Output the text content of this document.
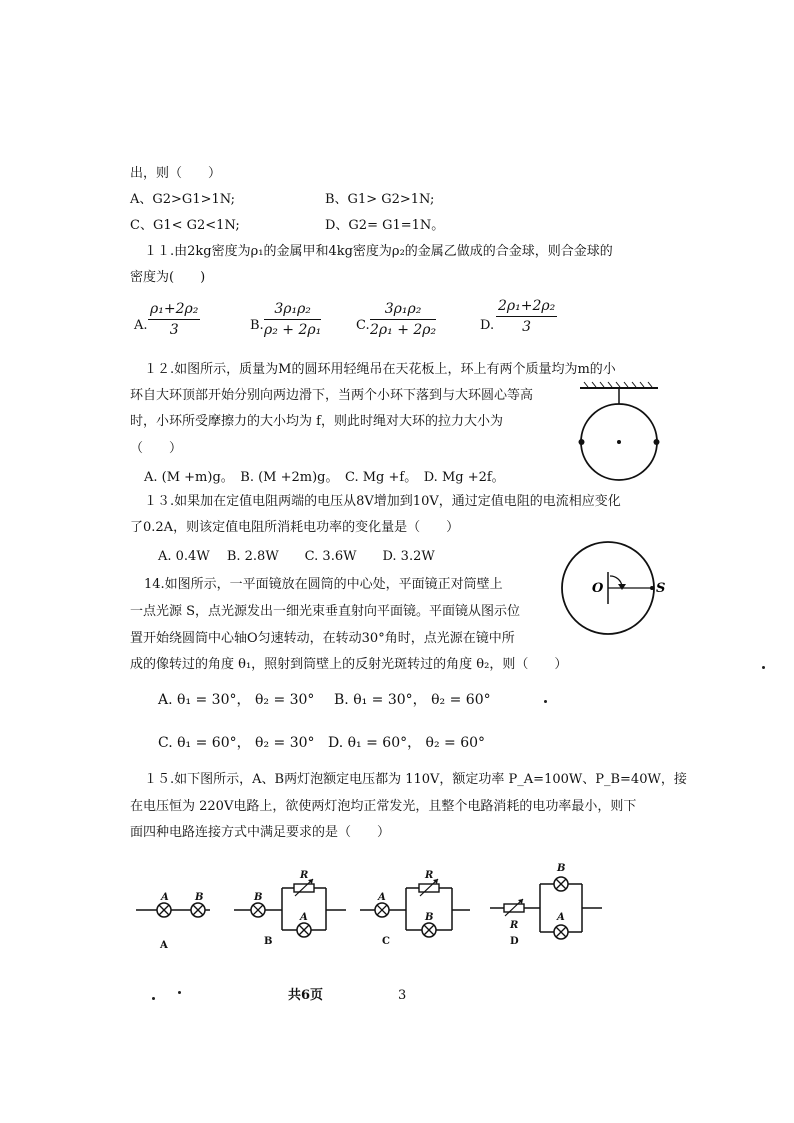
出，则（　　）
A、G2>G1>1N;	B、G1> G2>1N;
C、G1< G2<1N;	D、G2= G1=1N。
１１.由2kg密度为ρ₁的金属甲和4kg密度为ρ₂的金属乙做成的合金球，则合金球的
密度为(　　)
A. $\frac{\text{ρ₁+2ρ₂}}{3}$	B. $\frac{\text{3ρ₁ρ₂}}{\text{ρ₂ + 2ρ₁}}$	C. $\frac{\text{3ρ₁ρ₂}}{\text{2ρ₁ + 2ρ₂}}$	D. $\frac{\text{2ρ₁+2ρ₂}}{3}$
１２.如图所示，质量为M的圆环用轻绳吊在天花板上，环上有两个质量均为m的小
环自大环顶部开始分别向两边滑下，当两个小环下落到与大环圆心等高
时，小环所受摩擦力的大小均为 f，则此时绳对大环的拉力大小为
（　　）
A. (M +m)g。　B. (M +2m)g。　C. Mg +f。　D. Mg +2f。
１３.如果加在定值电阻两端的电压从8V增加到10V，通过定值电阻的电流相应变化
了0.2A，则该定值电阻所消耗电功率的变化量是（　　）
A. 0.4W　 B. 2.8W　　C. 3.6W　　D. 3.2W
14.如图所示，一平面镜放在圆筒的中心处，平面镜正对筒壁上
一点光源 S，点光源发出一细光束垂直射向平面镜。平面镜从图示位
置开始绕圆筒中心轴O匀速转动，在转动30°角时，点光源在镜中所
成的像转过的角度 θ₁，照射到筒壁上的反射光斑转过的角度 θ₂，则（　　）
A. θ₁ = 30°， θ₂ = 30° B. θ₁ = 30°， θ₂ = 60°
C. θ₁ = 60°， θ₂ = 30° D. θ₁ = 60°， θ₂ = 60°
O	S
１５.如下图所示，A、B两灯泡额定电压都为 110V，额定功率 P_A=100W、P_B=40W，接
在电压恒为 220V电路上，欲使两灯泡均正常发光，且整个电路消耗的电功率最小，则下
面四种电路连接方式中满足要求的是（　　）
A	B
A
B
R
A
B
A
R
B
C
B
A
R
D
共6页	3
